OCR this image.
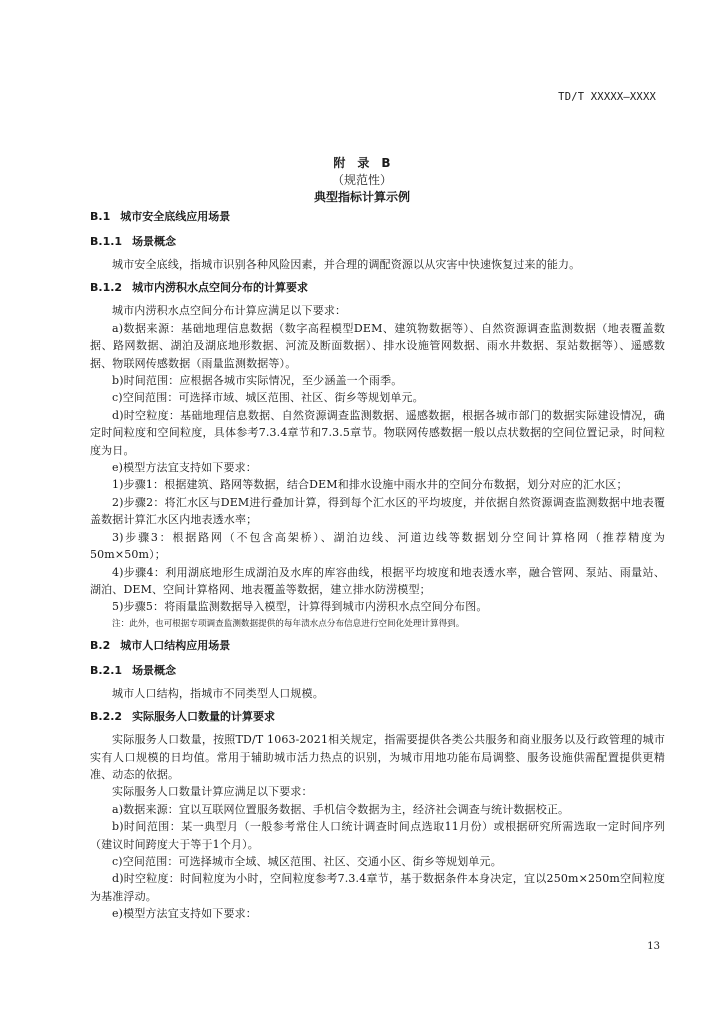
TD/T XXXXX—XXXX
附　录　B
（规范性）
典型指标计算示例
B.1 城市安全底线应用场景
B.1.1 场景概念

城市安全底线，指城市识别各种风险因素，并合理的调配资源以从灾害中快速恢复过来的能力。

B.1.2 城市内涝积水点空间分布的计算要求

城市内涝积水点空间分布计算应满足以下要求：

a)数据来源：基础地理信息数据（数字高程模型DEM、建筑物数据等）、自然资源调查监测数据（地表覆盖数据、路网数据、湖泊及湖底地形数据、河流及断面数据）、排水设施管网数据、雨水井数据、泵站数据等）、遥感数据、物联网传感数据（雨量监测数据等）。

b)时间范围：应根据各城市实际情况，至少涵盖一个雨季。

c)空间范围：可选择市域、城区范围、社区、街乡等规划单元。

d)时空粒度：基础地理信息数据、自然资源调查监测数据、遥感数据，根据各城市部门的数据实际建设情况，确定时间粒度和空间粒度，具体参考7.3.4章节和7.3.5章节。物联网传感数据一般以点状数据的空间位置记录，时间粒度为日。

e)模型方法宜支持如下要求：

1)步骤1：根据建筑、路网等数据，结合DEM和排水设施中雨水井的空间分布数据，划分对应的汇水区；

2)步骤2：将汇水区与DEM进行叠加计算，得到每个汇水区的平均坡度，并依据自然资源调查监测数据中地表覆盖数据计算汇水区内地表透水率；

3)步骤3：根据路网（不包含高架桥）、湖泊边线、河道边线等数据划分空间计算格网（推荐精度为50m×50m）；

4)步骤4：利用湖底地形生成湖泊及水库的库容曲线，根据平均坡度和地表透水率，融合管网、泵站、雨量站、湖泊、DEM、空间计算格网、地表覆盖等数据，建立排水防涝模型；

5)步骤5：将雨量监测数据导入模型，计算得到城市内涝积水点空间分布图。

注：此外，也可根据专项调查监测数据提供的每年渍水点分布信息进行空间化处理计算得到。
B.2 城市人口结构应用场景
B.2.1 场景概念

城市人口结构，指城市不同类型人口规模。

B.2.2 实际服务人口数量的计算要求

实际服务人口数量，按照TD/T 1063-2021相关规定，指需要提供各类公共服务和商业服务以及行政管理的城市实有人口规模的日均值。常用于辅助城市活力热点的识别，为城市用地功能布局调整、服务设施供需配置提供更精准、动态的依据。

实际服务人口数量计算应满足以下要求：

a)数据来源：宜以互联网位置服务数据、手机信令数据为主，经济社会调查与统计数据校正。

b)时间范围：某一典型月（一般参考常住人口统计调查时间点选取11月份）或根据研究所需选取一定时间序列（建议时间跨度大于等于1个月）。

c)空间范围：可选择城市全域、城区范围、社区、交通小区、街乡等规划单元。

d)时空粒度：时间粒度为小时，空间粒度参考7.3.4章节，基于数据条件本身决定，宜以250m×250m空间粒度为基准浮动。

e)模型方法宜支持如下要求：

13
